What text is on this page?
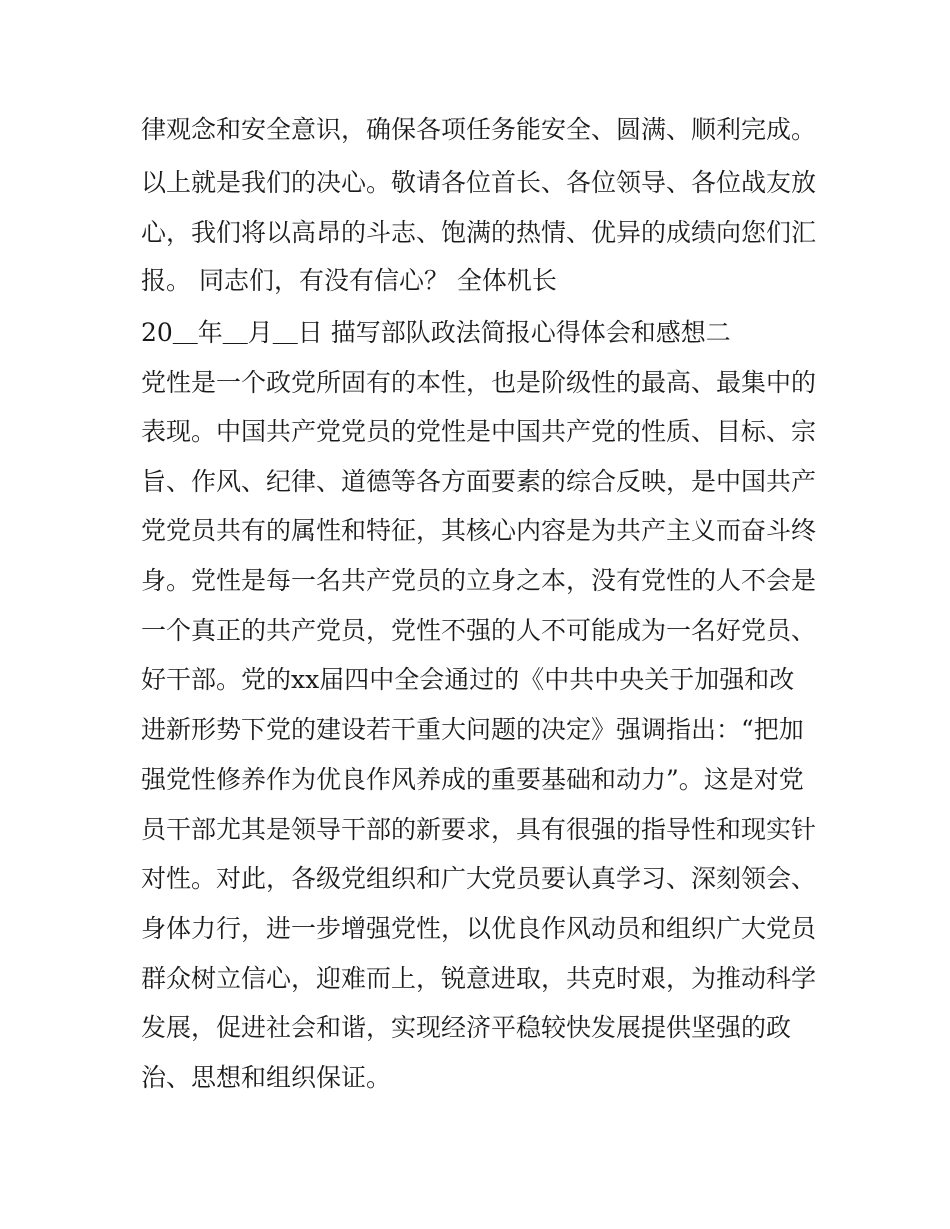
律观念和安全意识，确保各项任务能安全、圆满、顺利完成。
以上就是我们的决心。敬请各位首长、各位领导、各位战友放
心，我们将以高昂的斗志、饱满的热情、优异的成绩向您们汇
报。 同志们，有没有信心？ 全体机长
20＿年＿月＿日 描写部队政法简报心得体会和感想二
党性是一个政党所固有的本性，也是阶级性的最高、最集中的
表现。中国共产党党员的党性是中国共产党的性质、目标、宗
旨、作风、纪律、道德等各方面要素的综合反映，是中国共产
党党员共有的属性和特征，其核心内容是为共产主义而奋斗终
身。党性是每一名共产党员的立身之本，没有党性的人不会是
一个真正的共产党员，党性不强的人不可能成为一名好党员、
好干部。党的xx届四中全会通过的《中共中央关于加强和改
进新形势下党的建设若干重大问题的决定》强调指出：“把加
强党性修养作为优良作风养成的重要基础和动力”。这是对党
员干部尤其是领导干部的新要求，具有很强的指导性和现实针
对性。对此，各级党组织和广大党员要认真学习、深刻领会、
身体力行，进一步增强党性，以优良作风动员和组织广大党员
群众树立信心，迎难而上，锐意进取，共克时艰，为推动科学
发展，促进社会和谐，实现经济平稳较快发展提供坚强的政
治、思想和组织保证。
